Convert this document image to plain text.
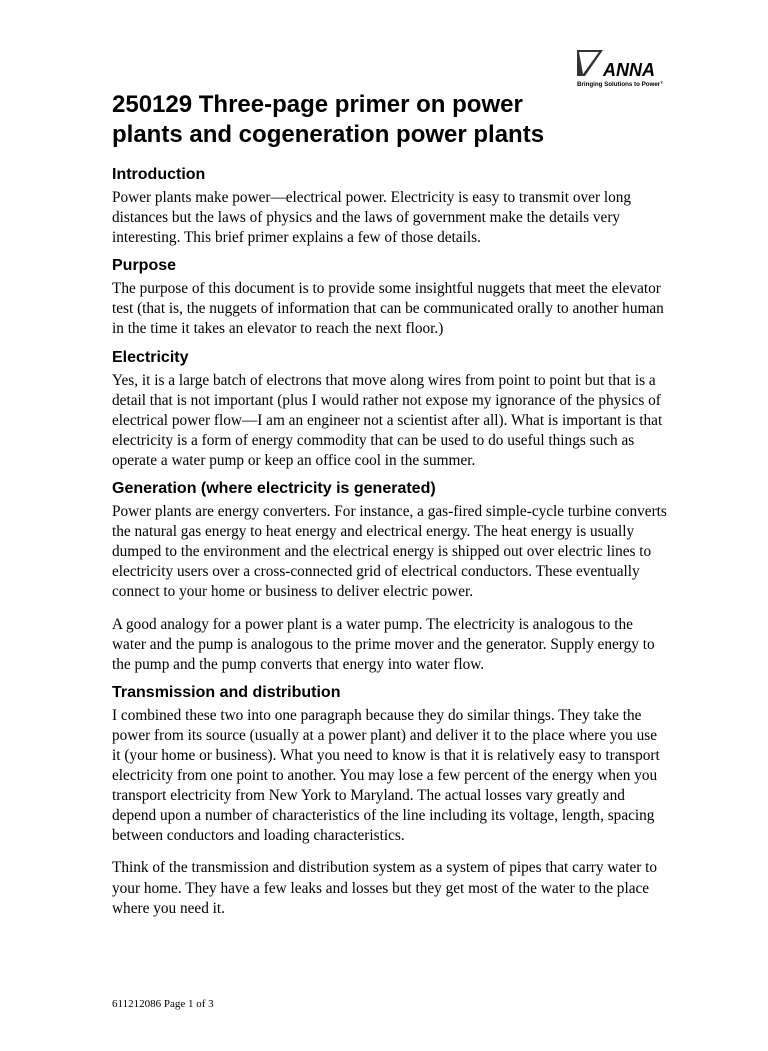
ANNA
Bringing Solutions to Power™
250129 Three-page primer on power plants and cogeneration power plants
Introduction
Power plants make power—electrical power. Electricity is easy to transmit over long distances but the laws of physics and the laws of government make the details very interesting. This brief primer explains a few of those details.
Purpose
The purpose of this document is to provide some insightful nuggets that meet the elevator test (that is, the nuggets of information that can be communicated orally to another human in the time it takes an elevator to reach the next floor.)
Electricity
Yes, it is a large batch of electrons that move along wires from point to point but that is a detail that is not important (plus I would rather not expose my ignorance of the physics of electrical power flow—I am an engineer not a scientist after all). What is important is that electricity is a form of energy commodity that can be used to do useful things such as operate a water pump or keep an office cool in the summer.
Generation (where electricity is generated)
Power plants are energy converters. For instance, a gas-fired simple-cycle turbine converts the natural gas energy to heat energy and electrical energy. The heat energy is usually dumped to the environment and the electrical energy is shipped out over electric lines to electricity users over a cross-connected grid of electrical conductors. These eventually connect to your home or business to deliver electric power.
A good analogy for a power plant is a water pump. The electricity is analogous to the water and the pump is analogous to the prime mover and the generator. Supply energy to the pump and the pump converts that energy into water flow.
Transmission and distribution
I combined these two into one paragraph because they do similar things. They take the power from its source (usually at a power plant) and deliver it to the place where you use it (your home or business). What you need to know is that it is relatively easy to transport electricity from one point to another. You may lose a few percent of the energy when you transport electricity from New York to Maryland. The actual losses vary greatly and depend upon a number of characteristics of the line including its voltage, length, spacing between conductors and loading characteristics.
Think of the transmission and distribution system as a system of pipes that carry water to your home. They have a few leaks and losses but they get most of the water to the place where you need it.
611212086 Page 1 of 3
